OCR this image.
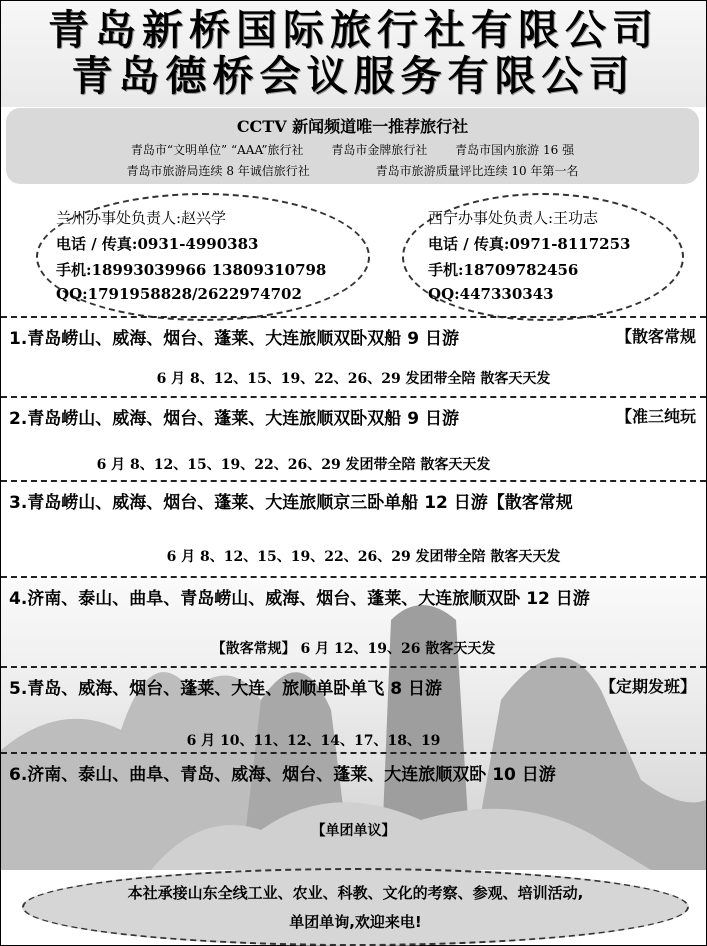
青岛新桥国际旅行社有限公司
青岛德桥会议服务有限公司
CCTV 新闻频道唯一推荐旅行社
青岛市“文明单位” “AAA”旅行社 青岛市金牌旅行社 青岛市国内旅游 16 强
青岛市旅游局连续 8 年诚信旅行社	青岛市旅游质量评比连续 10 年第一名
兰州办事处负责人:赵兴学
电话 / 传真:0931-4990383
手机:18993039966 13809310798
QQ:1791958828/2622974702
西宁办事处负责人:王功志
电话 / 传真:0971-8117253
手机:18709782456
QQ:447330343
1.青岛崂山、威海、烟台、蓬莱、大连旅顺双卧双船 9 日游	【散客常规
6 月 8、12、15、19、22、26、29 发团带全陪 散客天天发
2.青岛崂山、威海、烟台、蓬莱、大连旅顺双卧双船 9 日游	【准三纯玩
6 月 8、12、15、19、22、26、29 发团带全陪 散客天天发
3.青岛崂山、威海、烟台、蓬莱、大连旅顺京三卧单船 12 日游【散客常规
6 月 8、12、15、19、22、26、29 发团带全陪 散客天天发
4.济南、泰山、曲阜、青岛崂山、威海、烟台、蓬莱、大连旅顺双卧 12 日游
【散客常规】 6 月 12、19、26 散客天天发
5.青岛、威海、烟台、蓬莱、大连、旅顺单卧单飞 8 日游	【定期发班】
6 月 10、11、12、14、17、18、19
6.济南、泰山、曲阜、青岛、威海、烟台、蓬莱、大连旅顺双卧 10 日游
【单团单议】
本社承接山东全线工业、农业、科教、文化的考察、参观、培训活动,
单团单询,欢迎来电!
